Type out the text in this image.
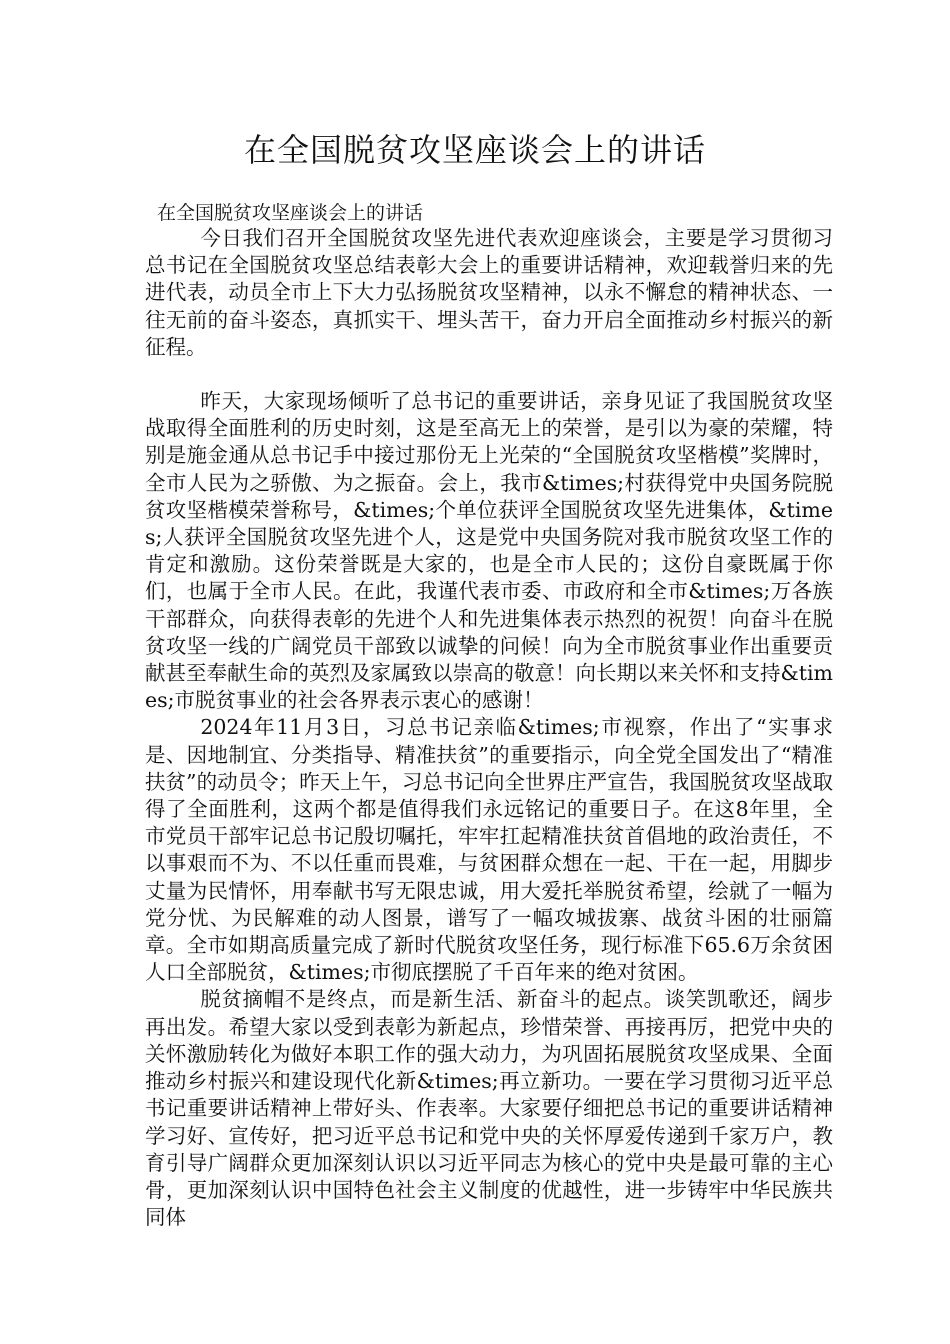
在全国脱贫攻坚座谈会上的讲话

在全国脱贫攻坚座谈会上的讲话

今日我们召开全国脱贫攻坚先进代表欢迎座谈会，主要是学习贯彻习总书记在全国脱贫攻坚总结表彰大会上的重要讲话精神，欢迎载誉归来的先进代表，动员全市上下大力弘扬脱贫攻坚精神，以永不懈怠的精神状态、一往无前的奋斗姿态，真抓实干、埋头苦干，奋力开启全面推动乡村振兴的新征程。

昨天，大家现场倾听了总书记的重要讲话，亲身见证了我国脱贫攻坚战取得全面胜利的历史时刻，这是至高无上的荣誉，是引以为豪的荣耀，特别是施金通从总书记手中接过那份无上光荣的“全国脱贫攻坚楷模”奖牌时，全市人民为之骄傲、为之振奋。会上，我市&times;村获得党中央国务院脱贫攻坚楷模荣誉称号，&times;个单位获评全国脱贫攻坚先进集体，&times;人获评全国脱贫攻坚先进个人，这是党中央国务院对我市脱贫攻坚工作的肯定和激励。这份荣誉既是大家的，也是全市人民的；这份自豪既属于你们，也属于全市人民。在此，我谨代表市委、市政府和全市&times;万各族干部群众，向获得表彰的先进个人和先进集体表示热烈的祝贺！向奋斗在脱贫攻坚一线的广阔党员干部致以诚挚的问候！向为全市脱贫事业作出重要贡献甚至奉献生命的英烈及家属致以崇高的敬意！向长期以来关怀和支持&times;市脱贫事业的社会各界表示衷心的感谢！

2024年11月3日，习总书记亲临&times;市视察，作出了“实事求是、因地制宜、分类指导、精准扶贫”的重要指示，向全党全国发出了“精准扶贫”的动员令；昨天上午，习总书记向全世界庄严宣告，我国脱贫攻坚战取得了全面胜利，这两个都是值得我们永远铭记的重要日子。在这8年里，全市党员干部牢记总书记殷切嘱托，牢牢扛起精准扶贫首倡地的政治责任，不以事艰而不为、不以任重而畏难，与贫困群众想在一起、干在一起，用脚步丈量为民情怀，用奉献书写无限忠诚，用大爱托举脱贫希望，绘就了一幅为党分忧、为民解难的动人图景，谱写了一幅攻城拔寨、战贫斗困的壮丽篇章。全市如期高质量完成了新时代脱贫攻坚任务，现行标准下65.6万余贫困人口全部脱贫，&times;市彻底摆脱了千百年来的绝对贫困。

脱贫摘帽不是终点，而是新生活、新奋斗的起点。谈笑凯歌还，阔步再出发。希望大家以受到表彰为新起点，珍惜荣誉、再接再厉，把党中央的关怀激励转化为做好本职工作的强大动力，为巩固拓展脱贫攻坚成果、全面推动乡村振兴和建设现代化新&times;再立新功。一要在学习贯彻习近平总书记重要讲话精神上带好头、作表率。大家要仔细把总书记的重要讲话精神学习好、宣传好，把习近平总书记和党中央的关怀厚爱传递到千家万户，教育引导广阔群众更加深刻认识以习近平同志为核心的党中央是最可靠的主心骨，更加深刻认识中国特色社会主义制度的优越性，进一步铸牢中华民族共同体
